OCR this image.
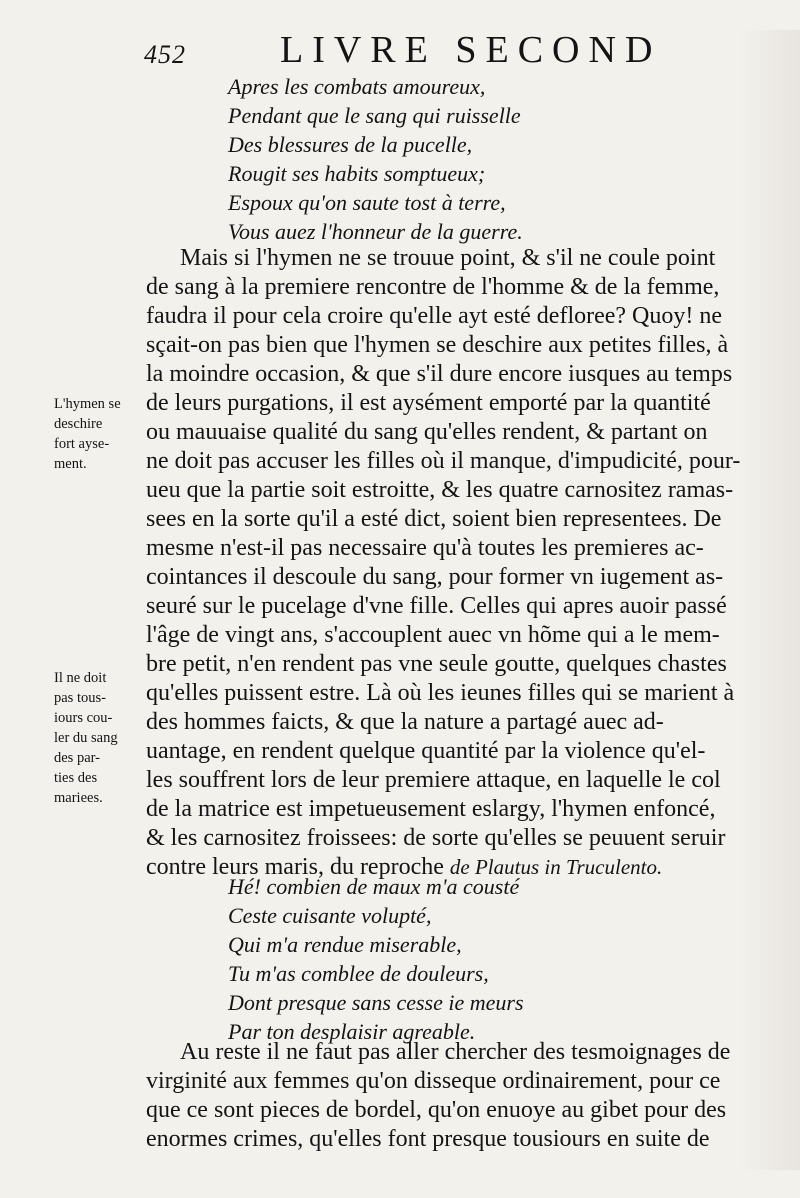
452 LIVRE SECOND
Apres les combats amoureux,
Pendant que le sang qui ruisselle
Des blessures de la pucelle,
Rougit ses habits somptueux;
Espoux qu'on saute tost à terre,
Vous auez l'honneur de la guerre.
Mais si l'hymen ne se trouue point, & s'il ne coule point
de sang à la premiere rencontre de l'homme & de la femme,
faudra il pour cela croire qu'elle ayt esté defloree? Quoy! ne
sçait-on pas bien que l'hymen se deschire aux petites filles, à
la moindre occasion, & que s'il dure encore iusques au temps
de leurs purgations, il est aysément emporté par la quantité
ou mauuaise qualité du sang qu'elles rendent, & partant on
ne doit pas accuser les filles où il manque, d'impudicité, pour-
ueu que la partie soit estroitte, & les quatre carnositez ramas-
sees en la sorte qu'il a esté dict, soient bien representees. De
mesme n'est-il pas necessaire qu'à toutes les premieres ac-
cointances il descoule du sang, pour former vn iugement as-
seuré sur le pucelage d'vne fille. Celles qui apres auoir passé
l'âge de vingt ans, s'accouplent auec vn hõme qui a le mem-
bre petit, n'en rendent pas vne seule goutte, quelques chastes
qu'elles puissent estre. Là où les ieunes filles qui se marient à
des hommes faicts, & que la nature a partagé auec ad-
uantage, en rendent quelque quantité par la violence qu'el-
les souffrent lors de leur premiere attaque, en laquelle le col
de la matrice est impetueusement eslargy, l'hymen enfoncé,
& les carnositez froissees: de sorte qu'elles se peuuent seruir
contre leurs maris, du reproche de Plautus in Truculento.
Hé! combien de maux m'a cousté
Ceste cuisante volupté,
Qui m'a rendue miserable,
Tu m'as comblee de douleurs,
Dont presque sans cesse ie meurs
Par ton desplaisir agreable.
Au reste il ne faut pas aller chercher des tesmoignages de
virginité aux femmes qu'on disseque ordinairement, pour ce
que ce sont pieces de bordel, qu'on enuoye au gibet pour des
enormes crimes, qu'elles font presque tousiours en suite de
L'hymen se
deschire
fort ayse-
ment.
Il ne doit
pas tous-
iours cou-
ler du sang
des par-
ties des
mariees.
